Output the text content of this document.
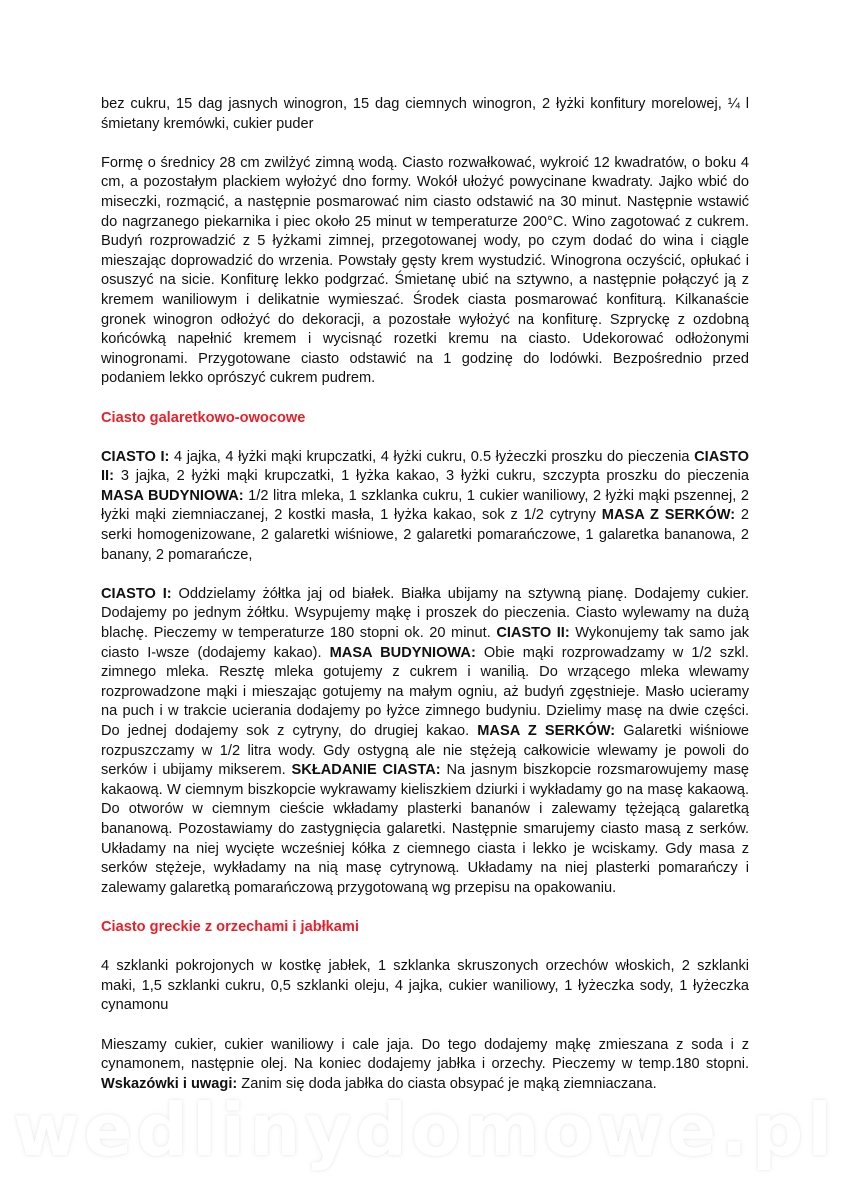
bez cukru, 15 dag jasnych winogron, 15 dag ciemnych winogron, 2 łyżki konfitury morelowej, ¼ l śmietany kremówki, cukier puder

Formę o średnicy 28 cm zwilżyć zimną wodą. Ciasto rozwałkować, wykroić 12 kwadratów, o boku 4 cm, a pozostałym plackiem wyłożyć dno formy. Wokół ułożyć powycinane kwadraty. Jajko wbić do miseczki, rozmącić, a następnie posmarować nim ciasto odstawić na 30 minut. Następnie wstawić do nagrzanego piekarnika i piec około 25 minut w temperaturze 200°C. Wino zagotować z cukrem. Budyń rozprowadzić z 5 łyżkami zimnej, przegotowanej wody, po czym dodać do wina i ciągle mieszając doprowadzić do wrzenia. Powstały gęsty krem wystudzić. Winogrona oczyścić, opłukać i osuszyć na sicie. Konfiturę lekko podgrzać. Śmietanę ubić na sztywno, a następnie połączyć ją z kremem waniliowym i delikatnie wymieszać. Środek ciasta posmarować konfiturą. Kilkanaście gronek winogron odłożyć do dekoracji, a pozostałe wyłożyć na konfiturę. Szpryckę z ozdobną końcówką napełnić kremem i wycisnąć rozetki kremu na ciasto. Udekorować odłożonymi winogronami. Przygotowane ciasto odstawić na 1 godzinę do lodówki. Bezpośrednio przed podaniem lekko oprószyć cukrem pudrem.

Ciasto galaretkowo-owocowe

CIASTO I: 4 jajka, 4 łyżki mąki krupczatki, 4 łyżki cukru, 0.5 łyżeczki proszku do pieczenia CIASTO II: 3 jajka, 2 łyżki mąki krupczatki, 1 łyżka kakao, 3 łyżki cukru, szczypta proszku do pieczenia MASA BUDYNIOWA: 1/2 litra mleka, 1 szklanka cukru, 1 cukier waniliowy, 2 łyżki mąki pszennej, 2 łyżki mąki ziemniaczanej, 2 kostki masła, 1 łyżka kakao, sok z 1/2 cytryny MASA Z SERKÓW: 2 serki homogenizowane, 2 galaretki wiśniowe, 2 galaretki pomarańczowe, 1 galaretka bananowa, 2 banany, 2 pomarańcze,

CIASTO I: Oddzielamy żółtka jaj od białek. Białka ubijamy na sztywną pianę. Dodajemy cukier. Dodajemy po jednym żółtku. Wsypujemy mąkę i proszek do pieczenia. Ciasto wylewamy na dużą blachę. Pieczemy w temperaturze 180 stopni ok. 20 minut. CIASTO II: Wykonujemy tak samo jak ciasto I-wsze (dodajemy kakao). MASA BUDYNIOWA: Obie mąki rozprowadzamy w 1/2 szkl. zimnego mleka. Resztę mleka gotujemy z cukrem i wanilią. Do wrzącego mleka wlewamy rozprowadzone mąki i mieszając gotujemy na małym ogniu, aż budyń zgęstnieje. Masło ucieramy na puch i w trakcie ucierania dodajemy po łyżce zimnego budyniu. Dzielimy masę na dwie części. Do jednej dodajemy sok z cytryny, do drugiej kakao. MASA Z SERKÓW: Galaretki wiśniowe rozpuszczamy w 1/2 litra wody. Gdy ostygną ale nie stężeją całkowicie wlewamy je powoli do serków i ubijamy mikserem. SKŁADANIE CIASTA: Na jasnym biszkopcie rozsmarowujemy masę kakaową. W ciemnym biszkopcie wykrawamy kieliszkiem dziurki i wykładamy go na masę kakaową. Do otworów w ciemnym cieście wkładamy plasterki bananów i zalewamy tężejącą galaretką bananową. Pozostawiamy do zastygnięcia galaretki. Następnie smarujemy ciasto masą z serków. Układamy na niej wycięte wcześniej kółka z ciemnego ciasta i lekko je wciskamy. Gdy masa z serków stężeje, wykładamy na nią masę cytrynową. Układamy na niej plasterki pomarańczy i zalewamy galaretką pomarańczową przygotowaną wg przepisu na opakowaniu.

Ciasto greckie z orzechami i jabłkami

4 szklanki pokrojonych w kostkę jabłek, 1 szklanka skruszonych orzechów włoskich, 2 szklanki maki, 1,5 szklanki cukru, 0,5 szklanki oleju, 4 jajka, cukier waniliowy, 1 łyżeczka sody, 1 łyżeczka cynamonu

Mieszamy cukier, cukier waniliowy i cale jaja. Do tego dodajemy mąkę zmieszana z soda i z cynamonem, następnie olej. Na koniec dodajemy jabłka i orzechy. Pieczemy w temp.180 stopni. Wskazówki i uwagi: Zanim się doda jabłka do ciasta obsypać je mąką ziemniaczana.

wedlinydomowe.pl
